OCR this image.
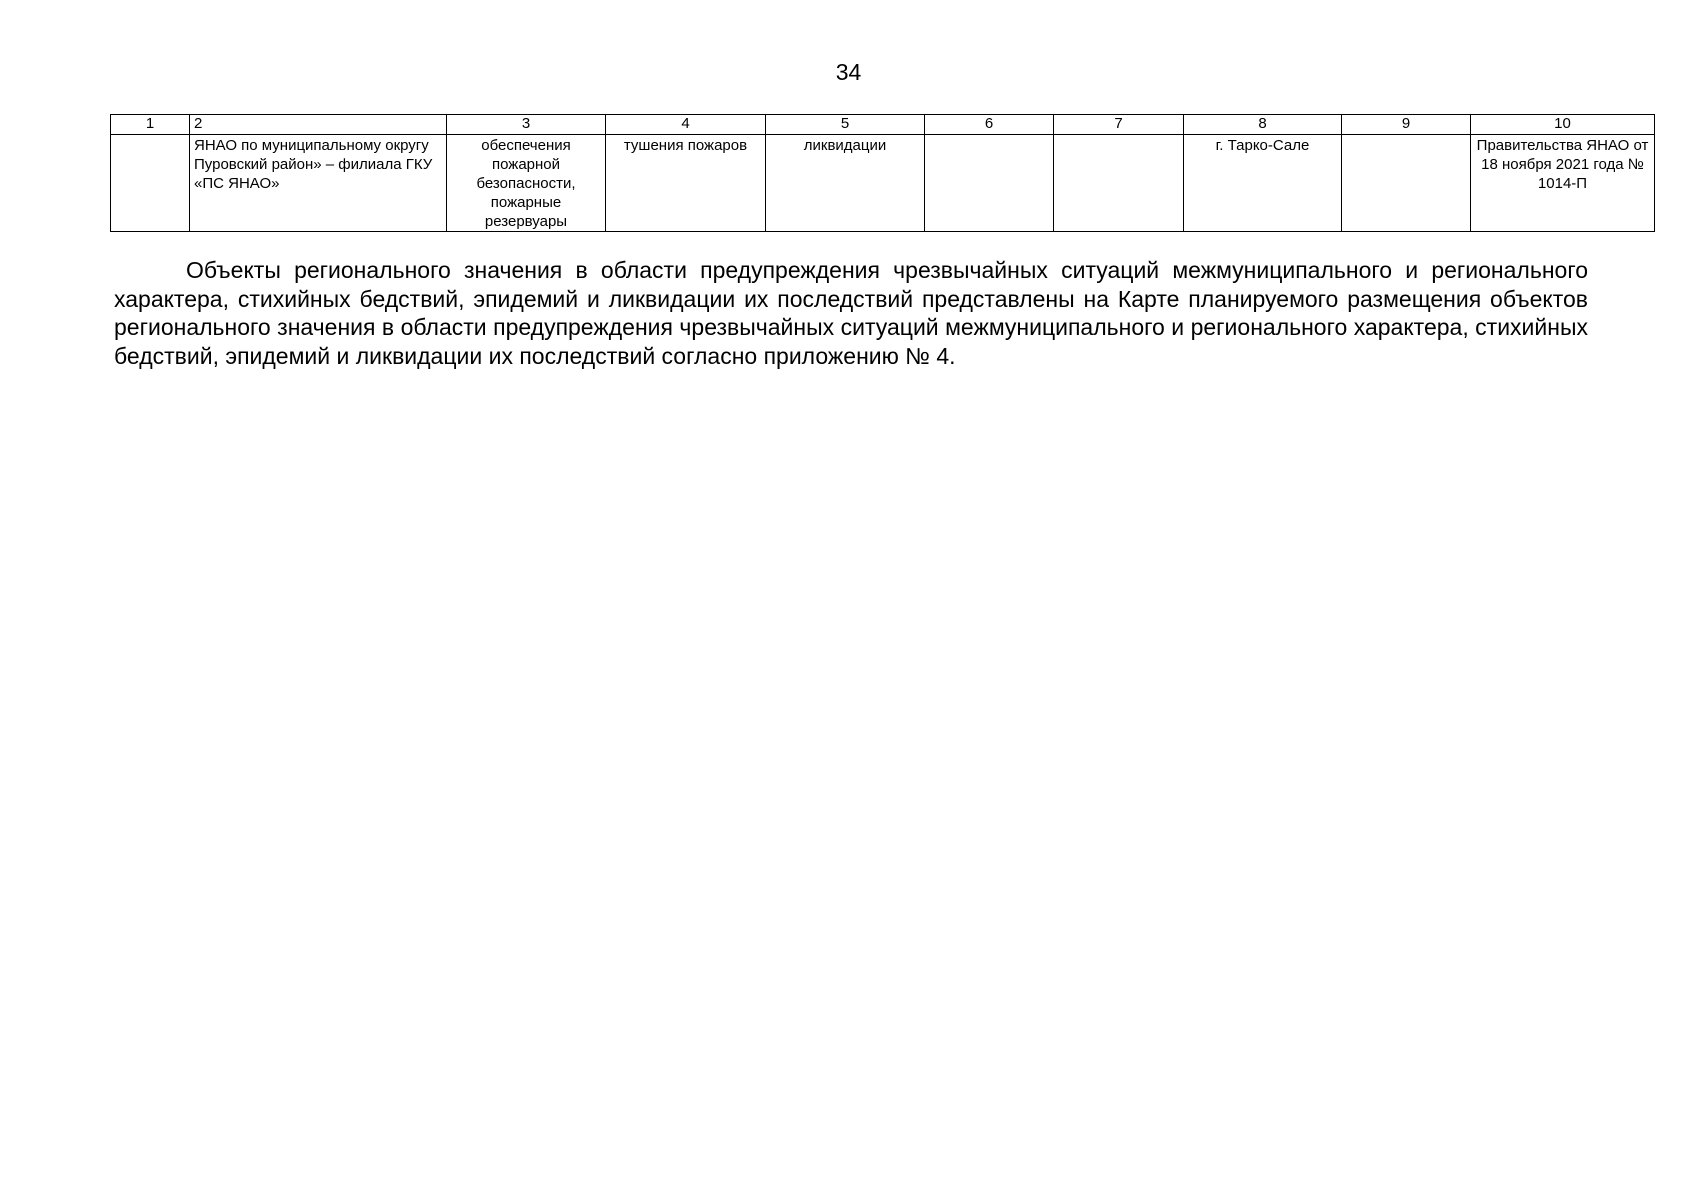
34
1	2	3	4	5	6	7	8	9	10
	ЯНАО по муниципальному округу Пуровский район» – филиала ГКУ «ПС ЯНАО»	обеспечения пожарной безопасности, пожарные резервуары	тушения пожаров	ликвидации			г. Тарко-Сале		Правительства ЯНАО от 18 ноября 2021 года № 1014-П

Объекты регионального значения в области предупреждения чрезвычайных ситуаций межмуниципального и регионального характера, стихийных бедствий, эпидемий и ликвидации их последствий представлены на Карте планируемого размещения объектов регионального значения в области предупреждения чрезвычайных ситуаций межмуниципального и регионального характера, стихийных бедствий, эпидемий и ликвидации их последствий согласно приложению № 4.
